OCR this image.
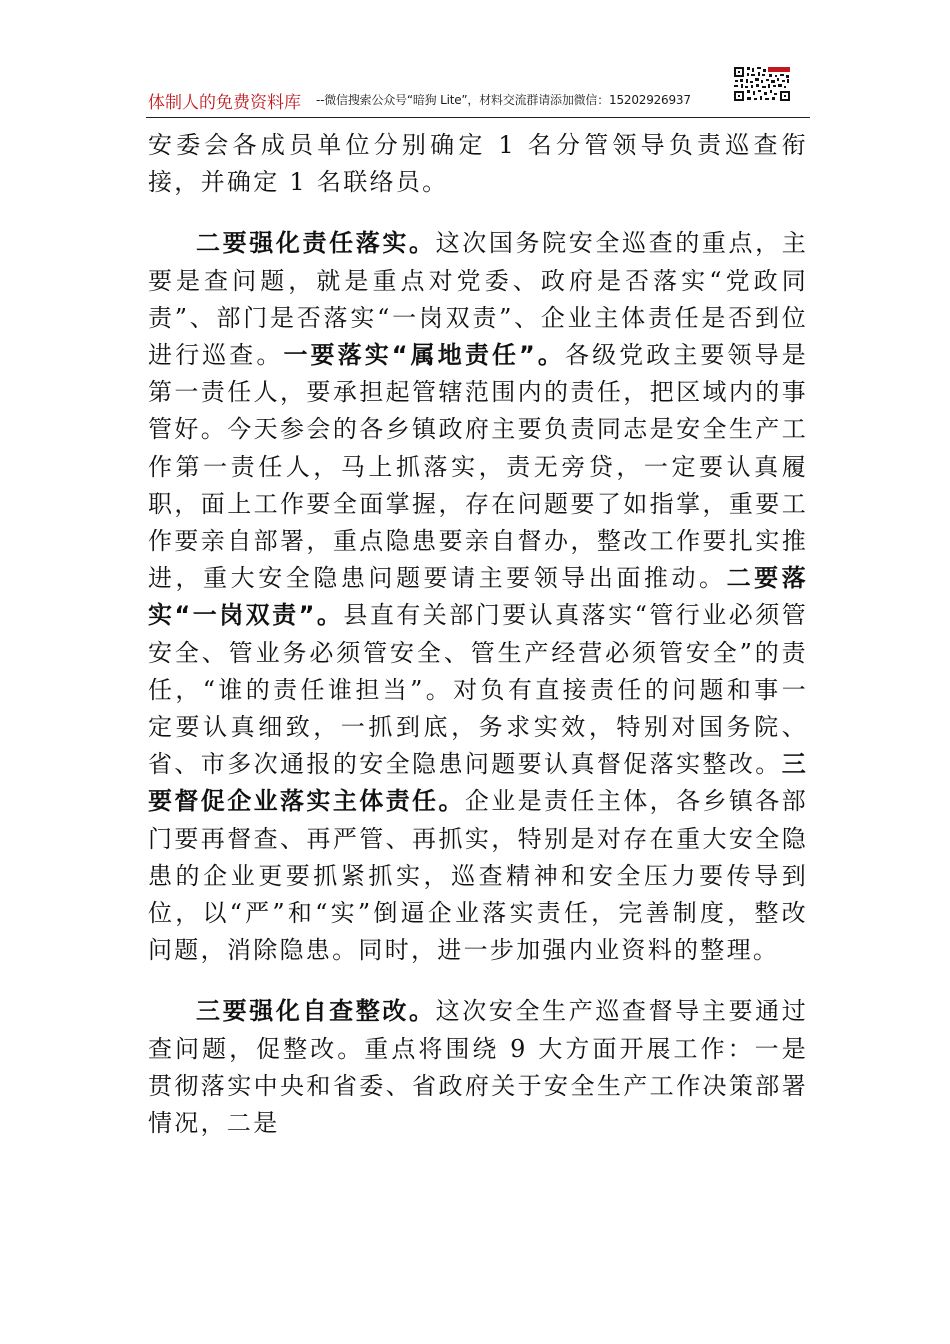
体制人的免费资料库 --微信搜索公众号“暗狗 Lite”，材料交流群请添加微信：15202926937

安委会各成员单位分别确定 1 名分管领导负责巡查衔接，并确定 1 名联络员。

二要强化责任落实。这次国务院安全巡查的重点，主要是查问题，就是重点对党委、政府是否落实“党政同责”、部门是否落实“一岗双责”、企业主体责任是否到位进行巡查。一要落实“属地责任”。各级党政主要领导是第一责任人，要承担起管辖范围内的责任，把区域内的事管好。今天参会的各乡镇政府主要负责同志是安全生产工作第一责任人，马上抓落实，责无旁贷，一定要认真履职，面上工作要全面掌握，存在问题要了如指掌，重要工作要亲自部署，重点隐患要亲自督办，整改工作要扎实推进，重大安全隐患问题要请主要领导出面推动。二要落实“一岗双责”。县直有关部门要认真落实“管行业必须管安全、管业务必须管安全、管生产经营必须管安全”的责任，“谁的责任谁担当”。对负有直接责任的问题和事一定要认真细致，一抓到底，务求实效，特别对国务院、省、市多次通报的安全隐患问题要认真督促落实整改。三要督促企业落实主体责任。企业是责任主体，各乡镇各部门要再督查、再严管、再抓实，特别是对存在重大安全隐患的企业更要抓紧抓实，巡查精神和安全压力要传导到位，以“严”和“实”倒逼企业落实责任，完善制度，整改问题，消除隐患。同时，进一步加强内业资料的整理。

三要强化自查整改。这次安全生产巡查督导主要通过查问题，促整改。重点将围绕 9 大方面开展工作：一是贯彻落实中央和省委、省政府关于安全生产工作决策部署情况，二是
